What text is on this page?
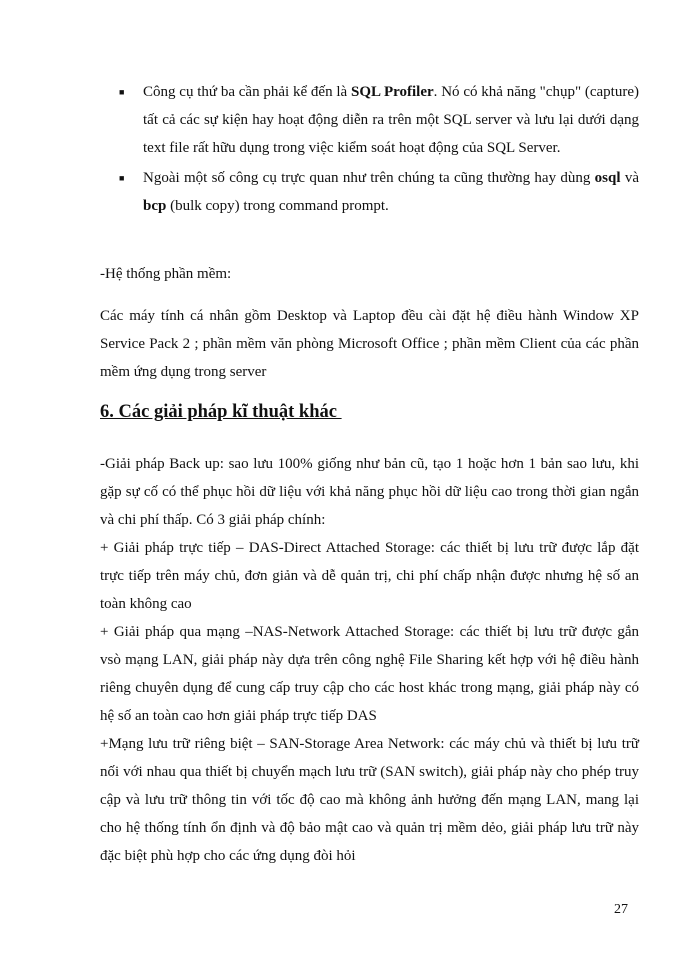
■ Công cụ thứ ba cần phải kể đến là SQL Profiler. Nó có khả năng "chụp" (capture) tất cả các sự kiện hay hoạt động diễn ra trên một SQL server và lưu lại dưới dạng text file rất hữu dụng trong việc kiểm soát hoạt động của SQL Server.
■ Ngoài một số công cụ trực quan như trên chúng ta cũng thường hay dùng osql và bcp (bulk copy) trong command prompt.

-Hệ thống phần mềm:

Các máy tính cá nhân gồm Desktop và Laptop đều cài đặt hệ điều hành Window XP Service Pack 2 ; phần mềm văn phòng Microsoft Office ; phần mềm Client của các phần mềm ứng dụng trong server

6. Các giải pháp kĩ thuật khác

-Giải pháp Back up: sao lưu 100% giống như bản cũ, tạo 1 hoặc hơn 1 bản sao lưu, khi gặp sự cố có thể phục hồi dữ liệu với khả năng phục hồi dữ liệu cao trong thời gian ngắn và chi phí thấp. Có 3 giải pháp chính:

+ Giải pháp trực tiếp – DAS-Direct Attached Storage: các thiết bị lưu trữ được lắp đặt trực tiếp trên máy chủ, đơn giản và dễ quản trị, chi phí chấp nhận được nhưng hệ số an toàn không cao

+ Giải pháp qua mạng –NAS-Network Attached Storage: các thiết bị lưu trữ được gắn vsò mạng LAN, giải pháp này dựa trên công nghệ File Sharing kết hợp với hệ điều hành riêng chuyên dụng để cung cấp truy cập cho các host khác trong mạng, giải pháp này có hệ số an toàn cao hơn giải pháp trực tiếp DAS

+Mạng lưu trữ riêng biệt – SAN-Storage Area Network: các máy chủ và thiết bị lưu trữ nối với nhau qua thiết bị chuyển mạch lưu trữ (SAN switch), giải pháp này cho phép truy cập và lưu trữ thông tin với tốc độ cao mà không ảnh hưởng đến mạng LAN, mang lại cho hệ thống tính ổn định và độ bảo mật cao và quản trị mềm dẻo, giải pháp lưu trữ này đặc biệt phù hợp cho các ứng dụng đòi hỏi

27
